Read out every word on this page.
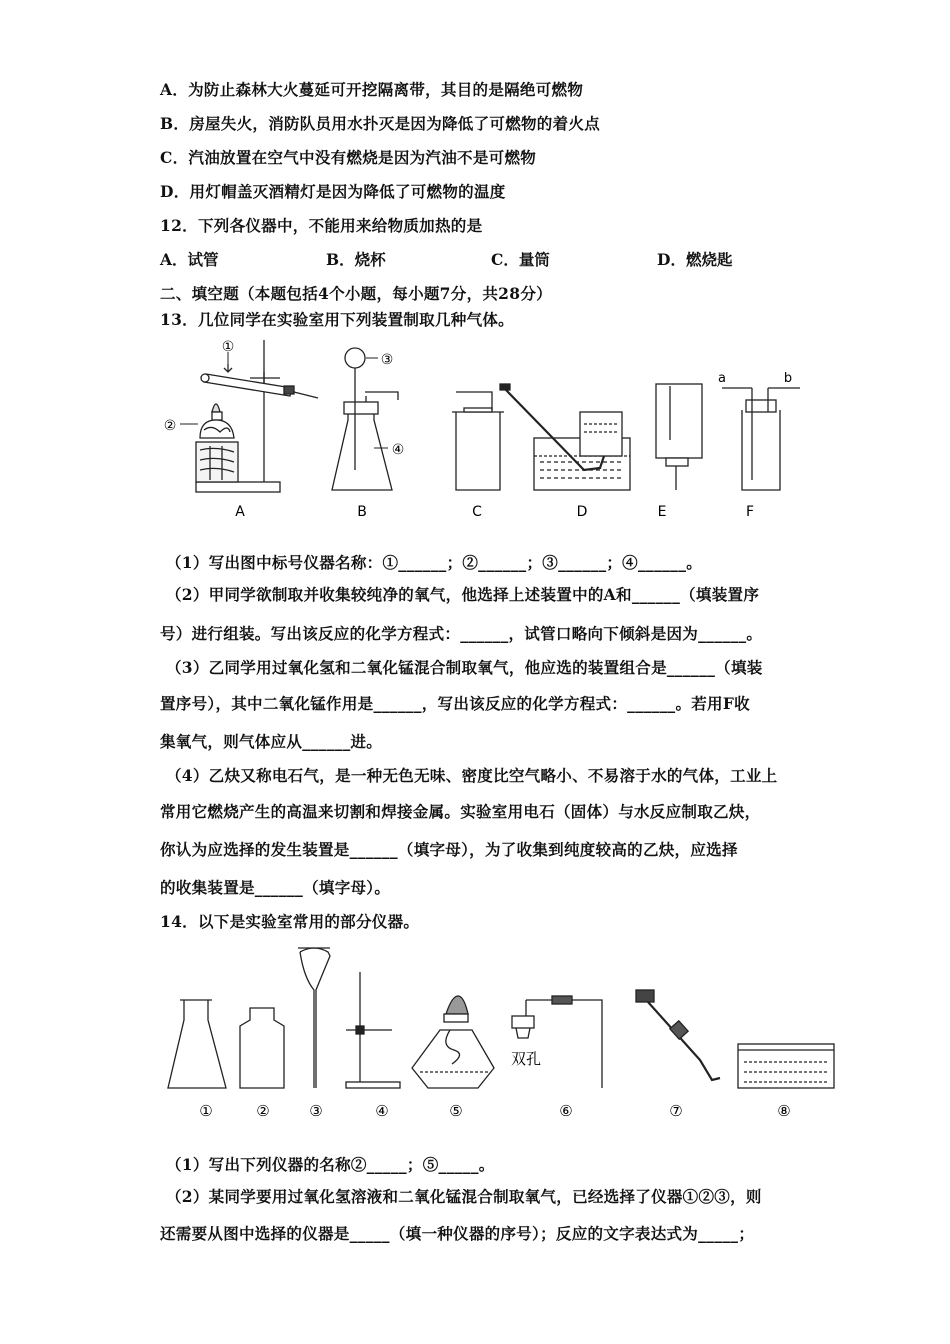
A．为防止森林大火蔓延可开挖隔离带，其目的是隔绝可燃物
B．房屋失火，消防队员用水扑灭是因为降低了可燃物的着火点
C．汽油放置在空气中没有燃烧是因为汽油不是可燃物
D．用灯帽盖灭酒精灯是因为降低了可燃物的温度
12．下列各仪器中，不能用来给物质加热的是
A．试管	B．烧杯	C．量筒	D．燃烧匙
二、填空题（本题包括4个小题，每小题7分，共28分）
13．几位同学在实验室用下列装置制取几种气体。
①
②
③
④
a	b
A	B	C	D	E	F
（1）写出图中标号仪器名称：①______；②______；③______；④______。
（2）甲同学欲制取并收集较纯净的氧气，他选择上述装置中的A和______（填装置序
号）进行组装。写出该反应的化学方程式：______，试管口略向下倾斜是因为______。
（3）乙同学用过氧化氢和二氧化锰混合制取氧气，他应选的装置组合是______（填装
置序号），其中二氧化锰作用是______，写出该反应的化学方程式：______。若用F收
集氧气，则气体应从______进。
（4）乙炔又称电石气，是一种无色无味、密度比空气略小、不易溶于水的气体，工业上
常用它燃烧产生的高温来切割和焊接金属。实验室用电石（固体）与水反应制取乙炔，
你认为应选择的发生装置是______（填字母），为了收集到纯度较高的乙炔，应选择
的收集装置是______（填字母）。
14．以下是实验室常用的部分仪器。
双孔
①	②	③	④	⑤	⑥	⑦	⑧
（1）写出下列仪器的名称②_____；⑤_____。
（2）某同学要用过氧化氢溶液和二氧化锰混合制取氧气，已经选择了仪器①②③，则
还需要从图中选择的仪器是_____（填一种仪器的序号）；反应的文字表达式为_____；
